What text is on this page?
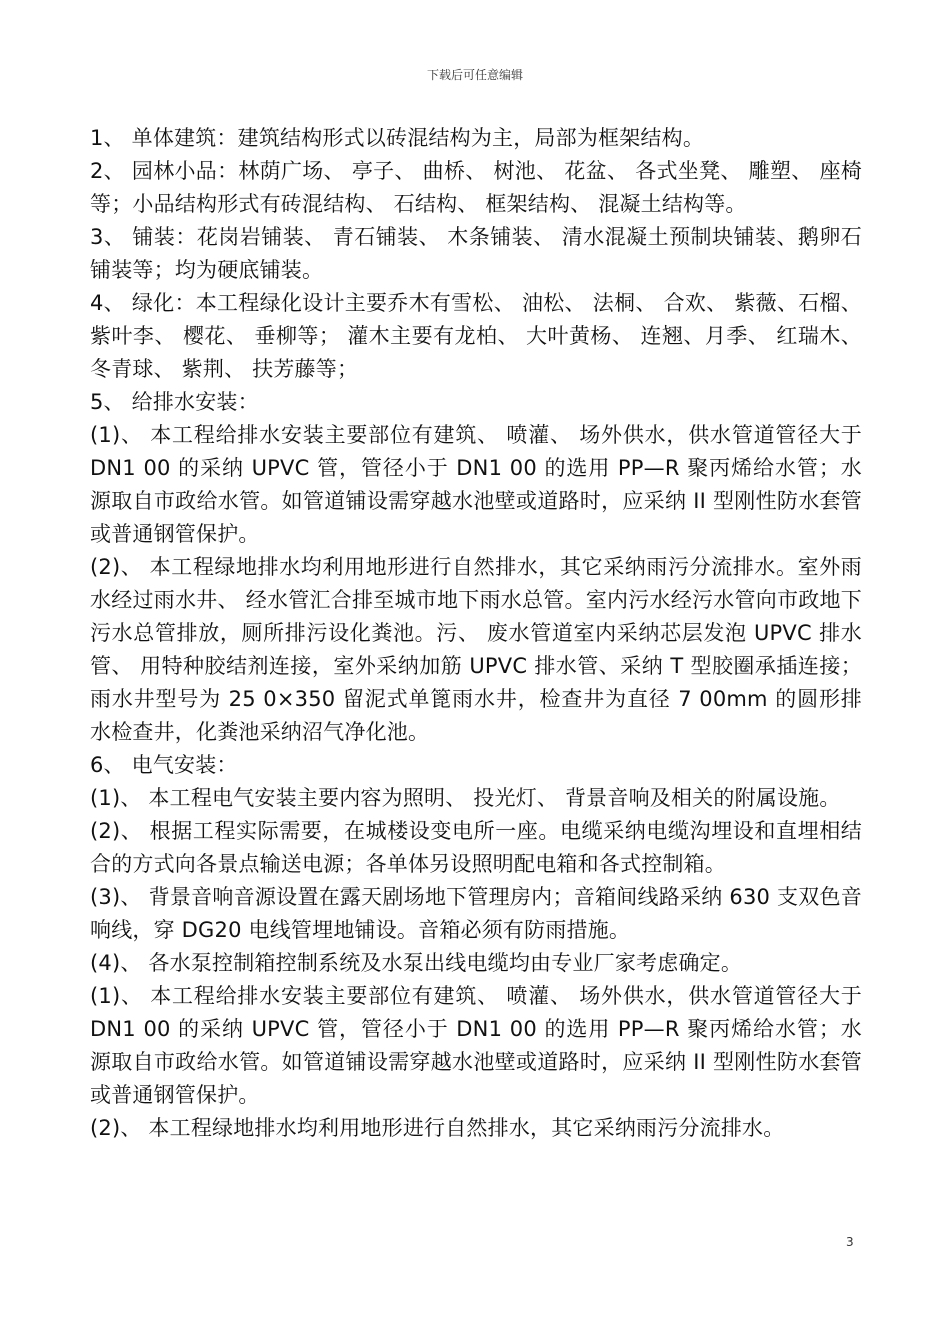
下载后可任意编辑

1、 单体建筑：建筑结构形式以砖混结构为主，局部为框架结构。

2、 园林小品：林荫广场、 亭子、 曲桥、 树池、 花盆、 各式坐凳、 雕塑、 座椅等；小品结构形式有砖混结构、 石结构、 框架结构、 混凝土结构等。

3、 铺装：花岗岩铺装、 青石铺装、 木条铺装、 清水混凝土预制块铺装、鹅卵石铺装等；均为硬底铺装。

4、 绿化：本工程绿化设计主要乔木有雪松、 油松、 法桐、 合欢、 紫薇、石榴、 紫叶李、 樱花、 垂柳等； 灌木主要有龙柏、 大叶黄杨、 连翘、月季、 红瑞木、 冬青球、 紫荆、 扶芳藤等；

5、 给排水安装：

(1)、 本工程给排水安装主要部位有建筑、 喷灌、 场外供水，供水管道管径大于 DN1 00 的采纳 UPVC 管，管径小于 DN1 00 的选用 PP—R 聚丙烯给水管；水源取自市政给水管。如管道铺设需穿越水池壁或道路时，应采纳 II 型刚性防水套管或普通钢管保护。

(2)、 本工程绿地排水均利用地形进行自然排水，其它采纳雨污分流排水。室外雨水经过雨水井、 经水管汇合排至城市地下雨水总管。室内污水经污水管向市政地下污水总管排放，厕所排污设化粪池。污、 废水管道室内采纳芯层发泡 UPVC 排水管、 用特种胶结剂连接，室外采纳加筋 UPVC 排水管、采纳 T 型胶圈承插连接；雨水井型号为 25 0×350 留泥式单篦雨水井，检查井为直径 7 00mm 的圆形排水检查井，化粪池采纳沼气净化池。

6、 电气安装：

(1)、 本工程电气安装主要内容为照明、 投光灯、 背景音响及相关的附属设施。

(2)、 根据工程实际需要，在城楼设变电所一座。电缆采纳电缆沟埋设和直埋相结合的方式向各景点输送电源；各单体另设照明配电箱和各式控制箱。

(3)、 背景音响音源设置在露天剧场地下管理房内；音箱间线路采纳 630 支双色音响线，穿 DG20 电线管埋地铺设。音箱必须有防雨措施。

(4)、 各水泵控制箱控制系统及水泵出线电缆均由专业厂家考虑确定。

(1)、 本工程给排水安装主要部位有建筑、 喷灌、 场外供水，供水管道管径大于 DN1 00 的采纳 UPVC 管，管径小于 DN1 00 的选用 PP—R 聚丙烯给水管；水源取自市政给水管。如管道铺设需穿越水池壁或道路时，应采纳 II 型刚性防水套管或普通钢管保护。

(2)、 本工程绿地排水均利用地形进行自然排水，其它采纳雨污分流排水。

3
